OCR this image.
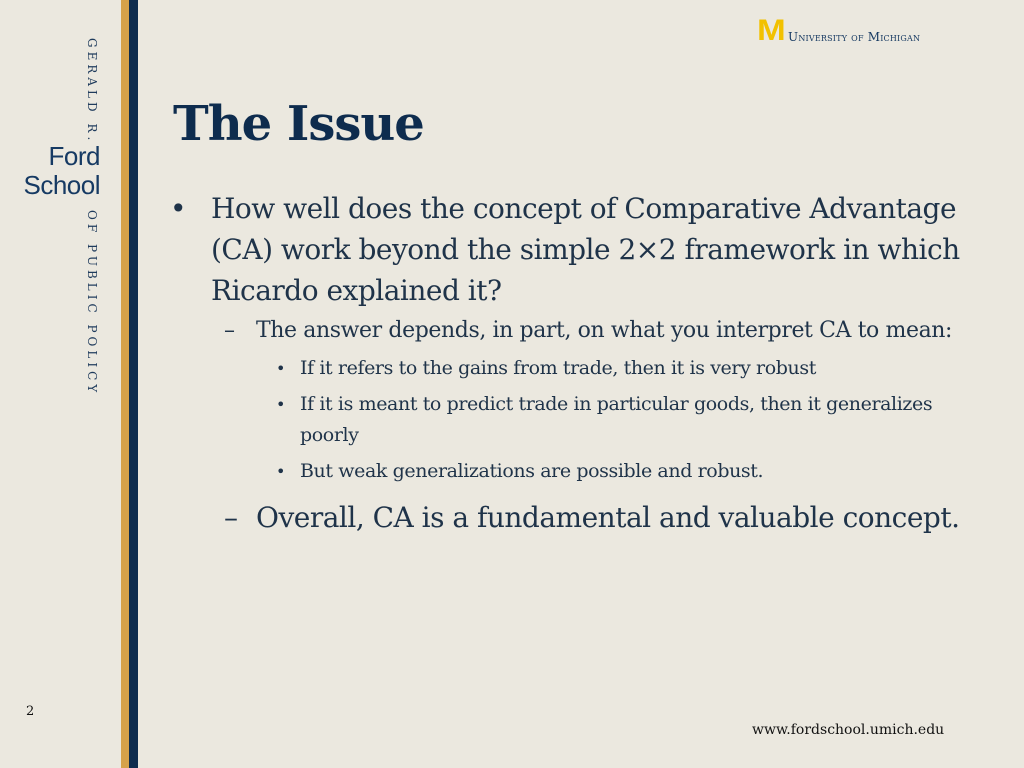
GERALD R.
Ford
School
OF PUBLIC POLICY
2
M University of Michigan
The Issue
• How well does the concept of Comparative Advantage (CA) work beyond the simple 2×2 framework in which Ricardo explained it?
– The answer depends, in part, on what you interpret CA to mean:
• If it refers to the gains from trade, then it is very robust
• If it is meant to predict trade in particular goods, then it generalizes poorly
• But weak generalizations are possible and robust.
– Overall, CA is a fundamental and valuable concept.
www.fordschool.umich.edu
